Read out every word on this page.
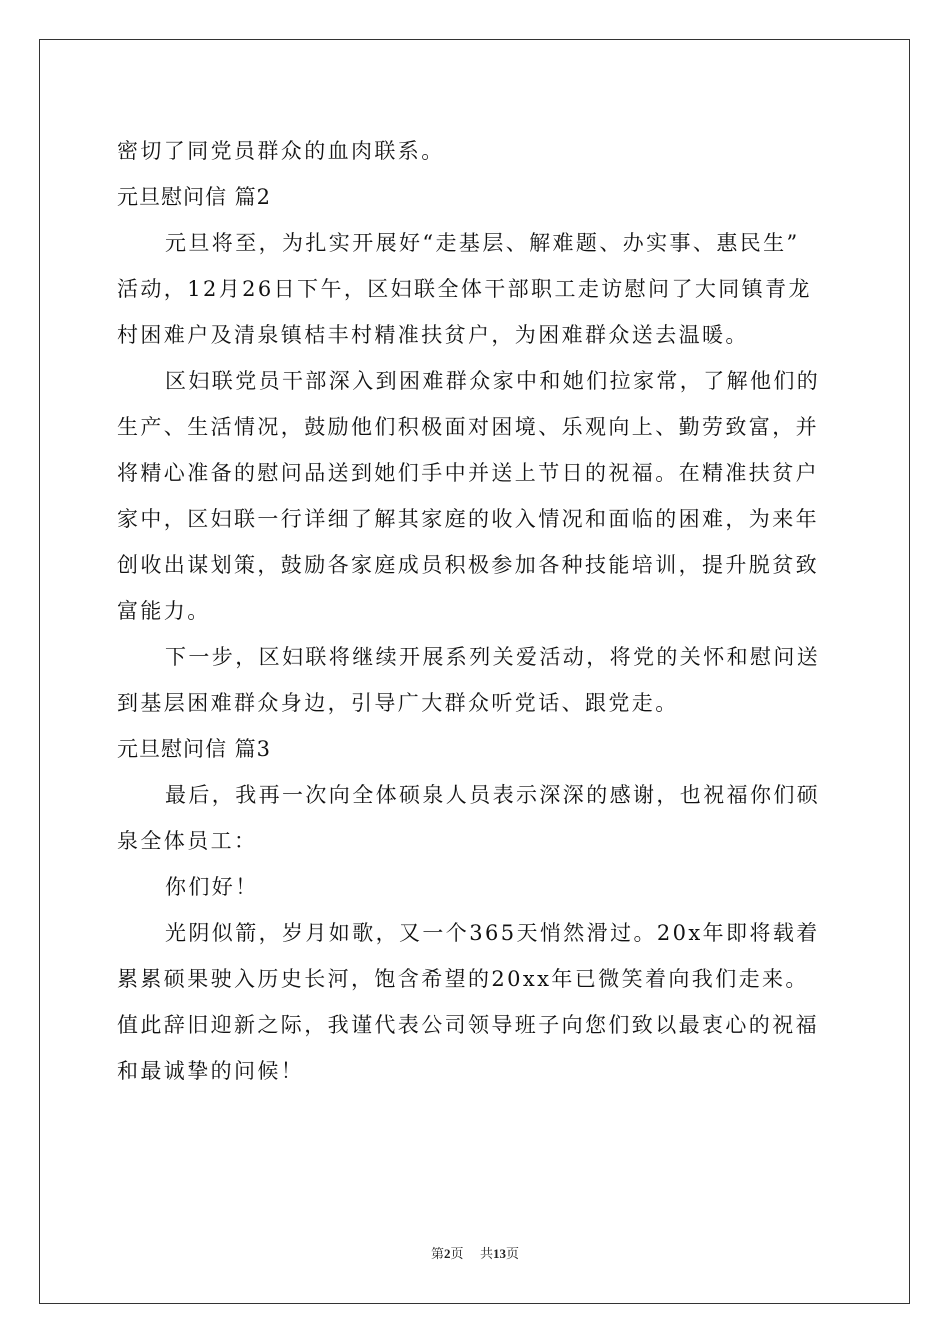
密切了同党员群众的血肉联系。

元旦慰问信 篇2

元旦将至，为扎实开展好“走基层、解难题、办实事、惠民生”

活动，12月26日下午，区妇联全体干部职工走访慰问了大同镇青龙

村困难户及清泉镇桔丰村精准扶贫户，为困难群众送去温暖。

区妇联党员干部深入到困难群众家中和她们拉家常，了解他们的

生产、生活情况，鼓励他们积极面对困境、乐观向上、勤劳致富，并

将精心准备的慰问品送到她们手中并送上节日的祝福。在精准扶贫户

家中，区妇联一行详细了解其家庭的收入情况和面临的困难，为来年

创收出谋划策，鼓励各家庭成员积极参加各种技能培训，提升脱贫致

富能力。

下一步，区妇联将继续开展系列关爱活动，将党的关怀和慰问送

到基层困难群众身边，引导广大群众听党话、跟党走。

元旦慰问信 篇3

最后，我再一次向全体硕泉人员表示深深的感谢，也祝福你们硕

泉全体员工：

你们好！

光阴似箭，岁月如歌，又一个365天悄然滑过。20x年即将载着

累累硕果驶入历史长河，饱含希望的20xx年已微笑着向我们走来。

值此辞旧迎新之际，我谨代表公司领导班子向您们致以最衷心的祝福

和最诚挚的问候！

第2页 共13页
